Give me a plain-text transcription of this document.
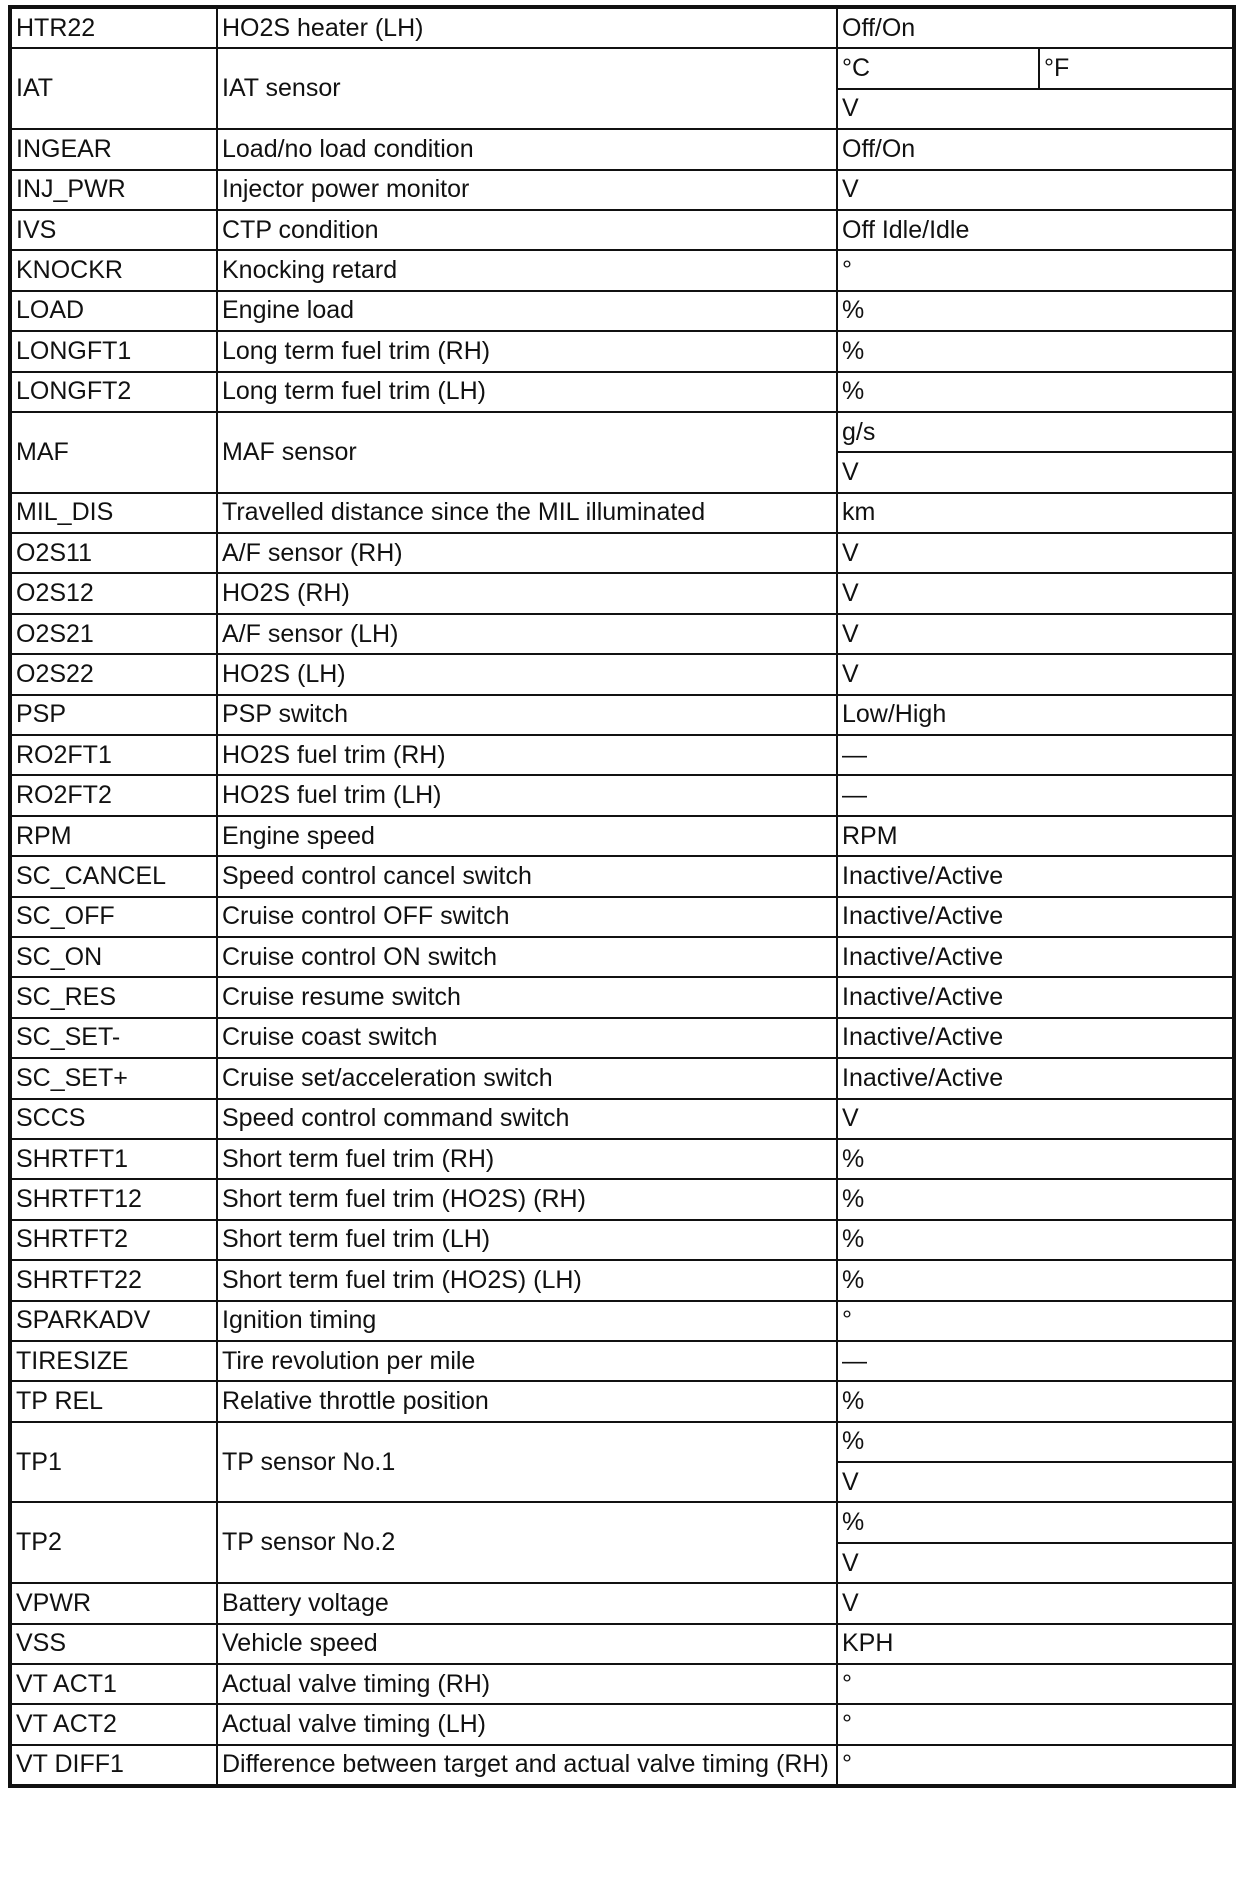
HTR22	HO2S heater (LH)	Off/On	
IAT	IAT sensor	°C	°F
		V	
INGEAR	Load/no load condition	Off/On	
INJ_PWR	Injector power monitor	V	
IVS	CTP condition	Off Idle/Idle	
KNOCKR	Knocking retard	°	
LOAD	Engine load	%	
LONGFT1	Long term fuel trim (RH)	%	
LONGFT2	Long term fuel trim (LH)	%	
MAF	MAF sensor	g/s	
		V	
MIL_DIS	Travelled distance since the MIL illuminated	km	
O2S11	A/F sensor (RH)	V	
O2S12	HO2S (RH)	V	
O2S21	A/F sensor (LH)	V	
O2S22	HO2S (LH)	V	
PSP	PSP switch	Low/High	
RO2FT1	HO2S fuel trim (RH)	—	
RO2FT2	HO2S fuel trim (LH)	—	
RPM	Engine speed	RPM	
SC_CANCEL	Speed control cancel switch	Inactive/Active	
SC_OFF	Cruise control OFF switch	Inactive/Active	
SC_ON	Cruise control ON switch	Inactive/Active	
SC_RES	Cruise resume switch	Inactive/Active	
SC_SET-	Cruise coast switch	Inactive/Active	
SC_SET+	Cruise set/acceleration switch	Inactive/Active	
SCCS	Speed control command switch	V	
SHRTFT1	Short term fuel trim (RH)	%	
SHRTFT12	Short term fuel trim (HO2S) (RH)	%	
SHRTFT2	Short term fuel trim (LH)	%	
SHRTFT22	Short term fuel trim (HO2S) (LH)	%	
SPARKADV	Ignition timing	°	
TIRESIZE	Tire revolution per mile	—	
TP REL	Relative throttle position	%	
TP1	TP sensor No.1	%	
		V	
TP2	TP sensor No.2	%	
		V	
VPWR	Battery voltage	V	
VSS	Vehicle speed	KPH	
VT ACT1	Actual valve timing (RH)	°	
VT ACT2	Actual valve timing (LH)	°	
VT DIFF1	Difference between target and actual valve timing (RH)	°	
